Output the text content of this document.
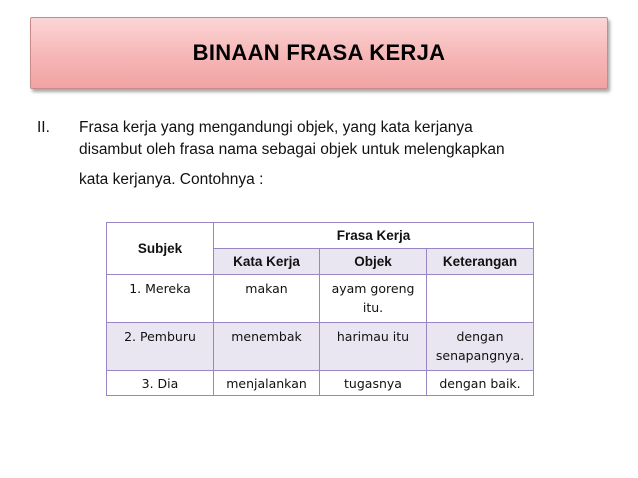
BINAAN FRASA KERJA
II. Frasa kerja yang mengandungi objek, yang kata kerjanya
disambut oleh frasa nama sebagai objek untuk melengkapkan
kata kerjanya. Contohnya :
Subjek	Frasa Kerja		
	Kata Kerja	Objek	Keterangan
1. Mereka	makan	ayam goreng itu.	
2. Pemburu	menembak	harimau itu	dengan senapangnya.
3. Dia	menjalankan	tugasnya	dengan baik.
